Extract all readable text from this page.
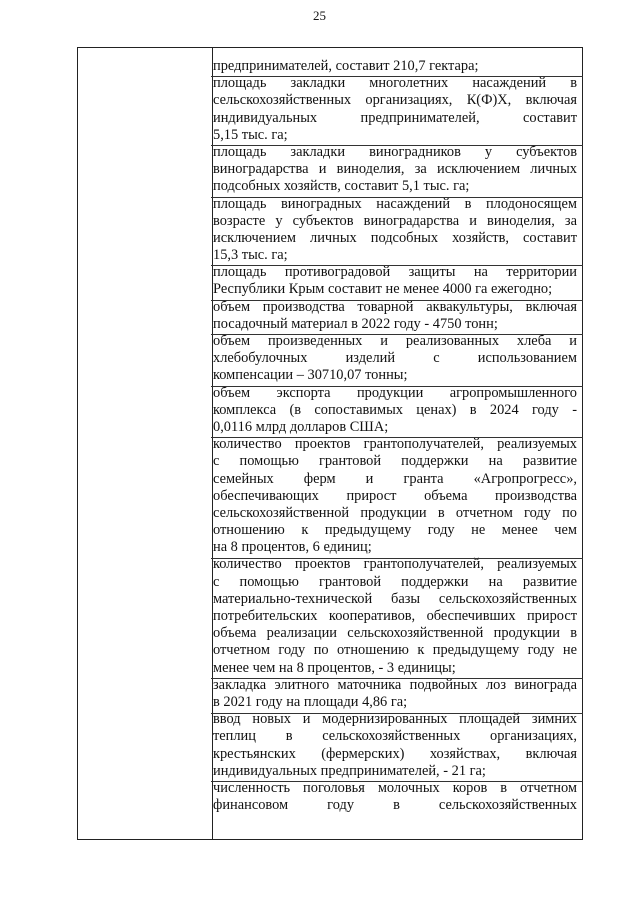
25
предпринимателей, составит 210,7 гектара;
площадь закладки многолетних насаждений в
сельскохозяйственных организациях, К(Ф)Х, включая
индивидуальных предпринимателей, составит
5,15 тыс. га;
площадь закладки виноградников у субъектов
виноградарства и виноделия, за исключением личных
подсобных хозяйств, составит 5,1 тыс. га;
площадь виноградных насаждений в плодоносящем
возрасте у субъектов виноградарства и виноделия, за
исключением личных подсобных хозяйств, составит
15,3 тыс. га;
площадь противоградовой защиты на территории
Республики Крым составит не менее 4000 га ежегодно;
объем производства товарной аквакультуры, включая
посадочный материал в 2022 году - 4750 тонн;
объем произведенных и реализованных хлеба и
хлебобулочных изделий с использованием
компенсации – 30710,07 тонны;
объем экспорта продукции агропромышленного
комплекса (в сопоставимых ценах) в 2024 году -
0,0116 млрд долларов США;
количество проектов грантополучателей, реализуемых
с помощью грантовой поддержки на развитие
семейных ферм и гранта «Агропрогресс»,
обеспечивающих прирост объема производства
сельскохозяйственной продукции в отчетном году по
отношению к предыдущему году не менее чем
на 8 процентов, 6 единиц;
количество проектов грантополучателей, реализуемых
с помощью грантовой поддержки на развитие
материально-технической базы сельскохозяйственных
потребительских кооперативов, обеспечивших прирост
объема реализации сельскохозяйственной продукции в
отчетном году по отношению к предыдущему году не
менее чем на 8 процентов, - 3 единицы;
закладка элитного маточника подвойных лоз винограда
в 2021 году на площади 4,86 га;
ввод новых и модернизированных площадей зимних
теплиц в сельскохозяйственных организациях,
крестьянских (фермерских) хозяйствах, включая
индивидуальных предпринимателей, - 21 га;
численность поголовья молочных коров в отчетном
финансовом году в сельскохозяйственных
